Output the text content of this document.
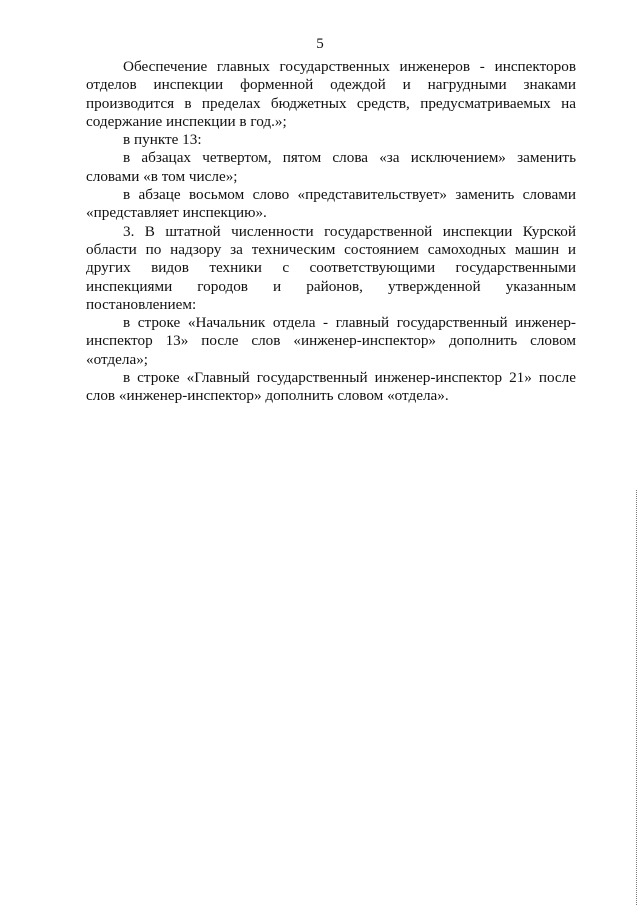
5

Обеспечение главных государственных инженеров - инспекторов отделов инспекции форменной одеждой и нагрудными знаками производится в пределах бюджетных средств, предусматриваемых на содержание инспекции в год.»;

в пункте 13:

в абзацах четвертом, пятом слова «за исключением» заменить словами «в том числе»;

в абзаце восьмом слово «представительствует» заменить словами «представляет инспекцию».

3. В штатной численности государственной инспекции Курской области по надзору за техническим состоянием самоходных машин и других видов техники с соответствующими государственными инспекциями городов и районов, утвержденной указанным постановлением:

в строке «Начальник отдела - главный государственный инженер-инспектор 13» после слов «инженер-инспектор» дополнить словом «отдела»;

в строке «Главный государственный инженер-инспектор 21» после слов «инженер-инспектор» дополнить словом «отдела».
